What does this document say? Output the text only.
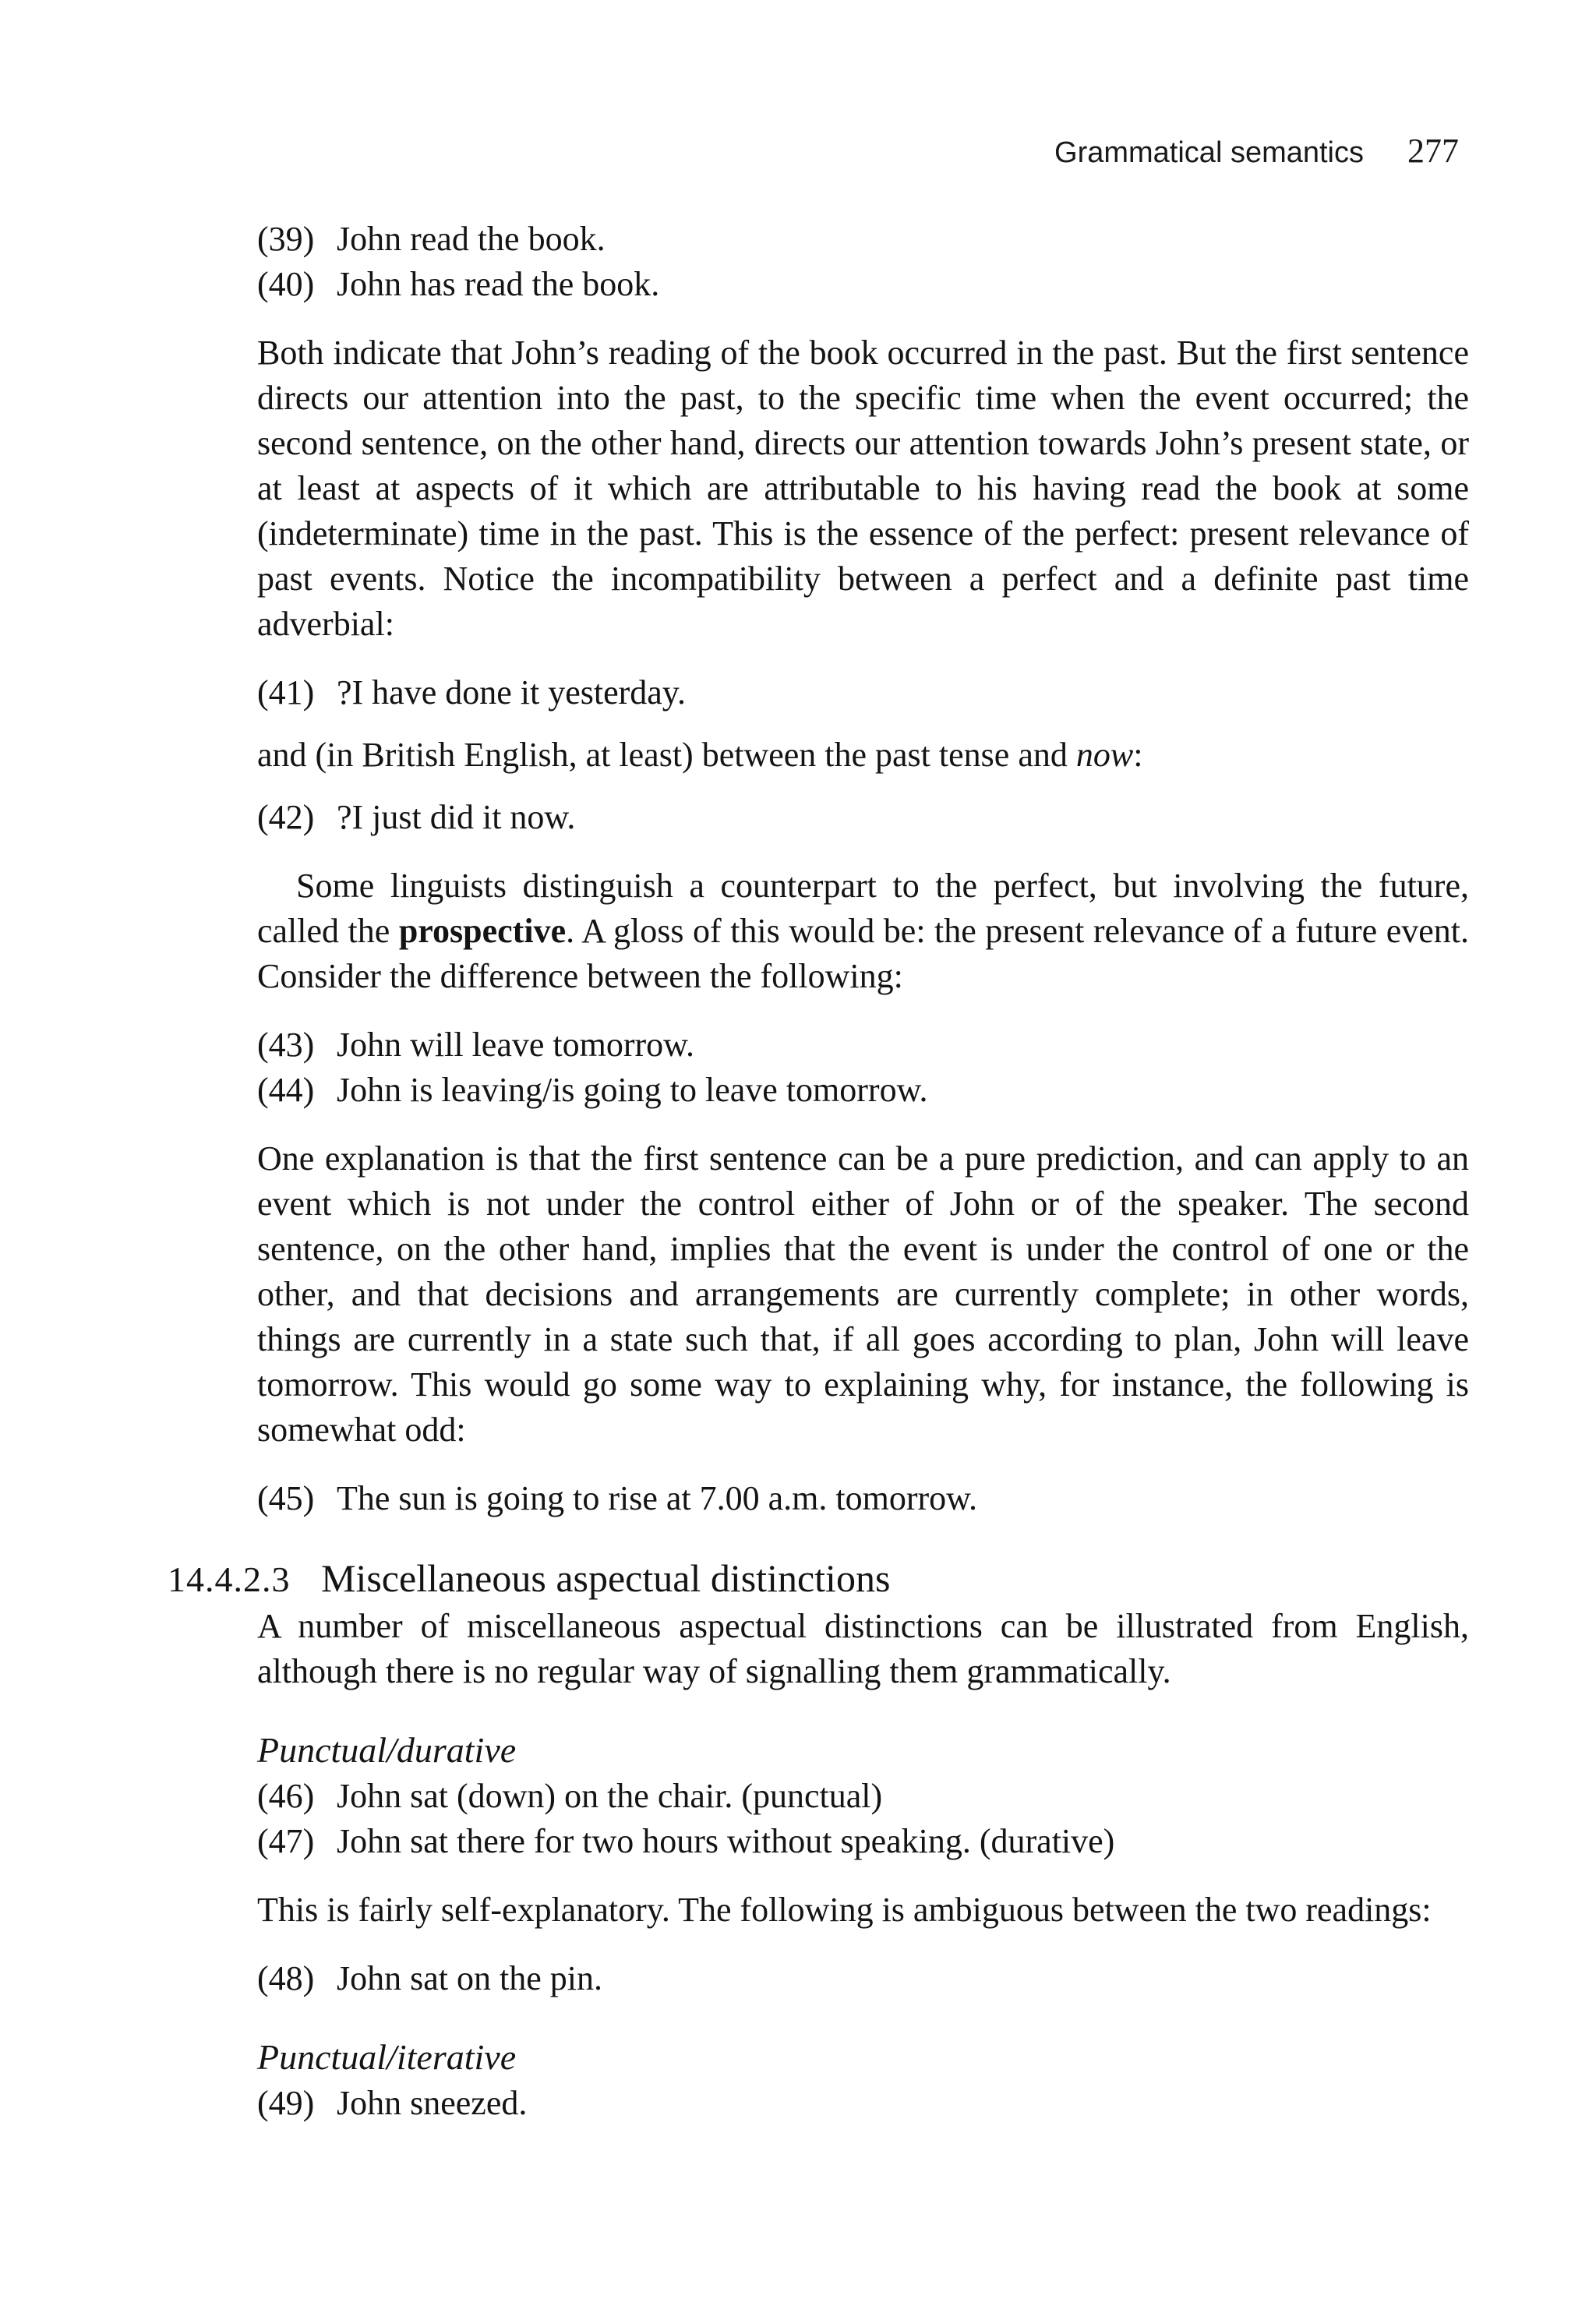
Grammatical semantics 277
(39) John read the book.
(40) John has read the book.

Both indicate that John’s reading of the book occurred in the past. But the first sentence directs our attention into the past, to the specific time when the event occurred; the second sentence, on the other hand, directs our attention towards John’s present state, or at least at aspects of it which are attributable to his having read the book at some (indeterminate) time in the past. This is the essence of the perfect: present relevance of past events. Notice the incompatibility between a perfect and a definite past time adverbial:

(41) ?I have done it yesterday.

and (in British English, at least) between the past tense and now:

(42) ?I just did it now.

Some linguists distinguish a counterpart to the perfect, but involving the future, called the prospective. A gloss of this would be: the present relevance of a future event. Consider the difference between the following:

(43) John will leave tomorrow.
(44) John is leaving/is going to leave tomorrow.

One explanation is that the first sentence can be a pure prediction, and can apply to an event which is not under the control either of John or of the speaker. The second sentence, on the other hand, implies that the event is under the control of one or the other, and that decisions and arrangements are currently complete; in other words, things are currently in a state such that, if all goes according to plan, John will leave tomorrow. This would go some way to explaining why, for instance, the following is somewhat odd:

(45) The sun is going to rise at 7.00 a.m. tomorrow.
14.4.2.3 Miscellaneous aspectual distinctions

A number of miscellaneous aspectual distinctions can be illustrated from English, although there is no regular way of signalling them grammatically.

Punctual/durative
(46) John sat (down) on the chair. (punctual)
(47) John sat there for two hours without speaking. (durative)

This is fairly self-explanatory. The following is ambiguous between the two readings:

(48) John sat on the pin.
Punctual/iterative
(49) John sneezed.
